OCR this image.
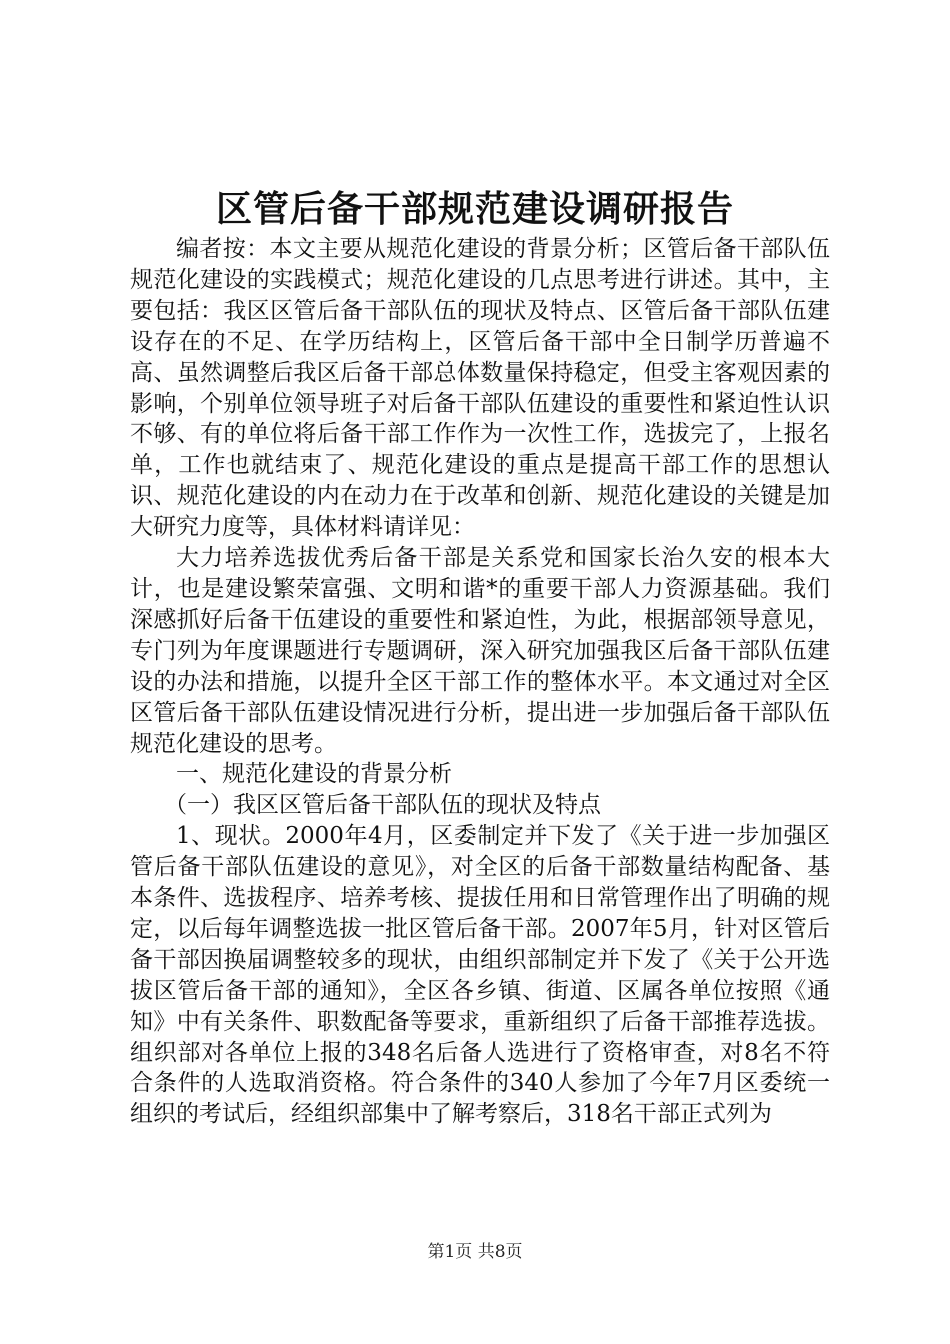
区管后备干部规范建设调研报告

编者按：本文主要从规范化建设的背景分析；区管后备干部队伍规范化建设的实践模式；规范化建设的几点思考进行讲述。其中，主要包括：我区区管后备干部队伍的现状及特点、区管后备干部队伍建设存在的不足、在学历结构上，区管后备干部中全日制学历普遍不高、虽然调整后我区后备干部总体数量保持稳定，但受主客观因素的影响，个别单位领导班子对后备干部队伍建设的重要性和紧迫性认识不够、有的单位将后备干部工作作为一次性工作，选拔完了，上报名单，工作也就结束了、规范化建设的重点是提高干部工作的思想认识、规范化建设的内在动力在于改革和创新、规范化建设的关键是加大研究力度等，具体材料请详见：

大力培养选拔优秀后备干部是关系党和国家长治久安的根本大计，也是建设繁荣富强、文明和谐*的重要干部人力资源基础。我们深感抓好后备干伍建设的重要性和紧迫性，为此，根据部领导意见，专门列为年度课题进行专题调研，深入研究加强我区后备干部队伍建设的办法和措施，以提升全区干部工作的整体水平。本文通过对全区区管后备干部队伍建设情况进行分析，提出进一步加强后备干部队伍规范化建设的思考。

一、规范化建设的背景分析

（一）我区区管后备干部队伍的现状及特点

1、现状。2000年4月，区委制定并下发了《关于进一步加强区管后备干部队伍建设的意见》，对全区的后备干部数量结构配备、基本条件、选拔程序、培养考核、提拔任用和日常管理作出了明确的规定，以后每年调整选拔一批区管后备干部。2007年5月，针对区管后备干部因换届调整较多的现状，由组织部制定并下发了《关于公开选拔区管后备干部的通知》，全区各乡镇、街道、区属各单位按照《通知》中有关条件、职数配备等要求，重新组织了后备干部推荐选拔。组织部对各单位上报的348名后备人选进行了资格审查，对8名不符合条件的人选取消资格。符合条件的340人参加了今年7月区委统一组织的考试后，经组织部集中了解考察后，318名干部正式列为

第1页 共8页
